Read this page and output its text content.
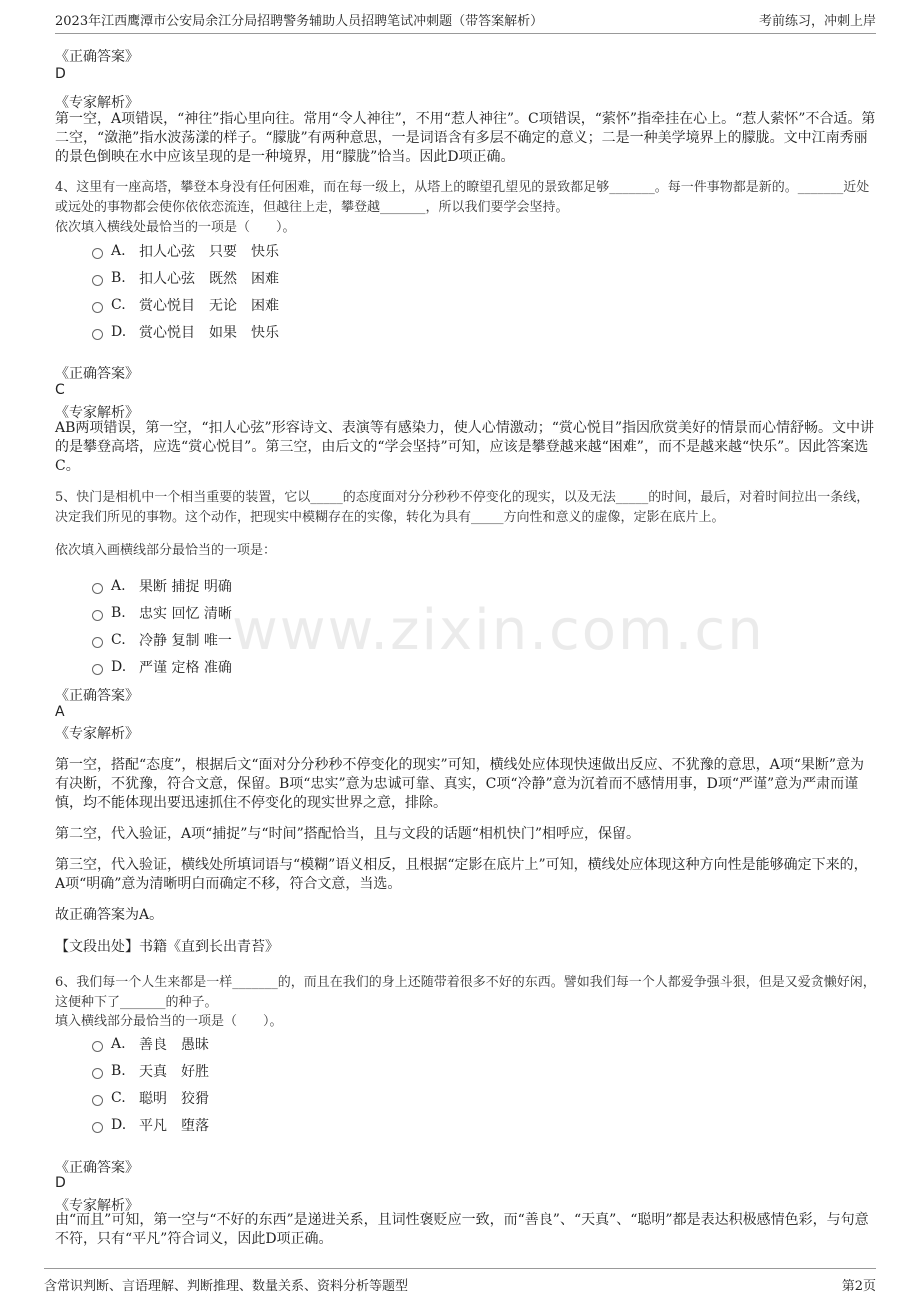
2023年江西鹰潭市公安局余江分局招聘警务辅助人员招聘笔试冲刺题（带答案解析）	考前练习，冲刺上岸
www.zixin.com.cn
《正确答案》
D
《专家解析》
第一空，A项错误，“神往”指心里向往。常用“令人神往”，不用“惹人神往”。C项错误，“萦怀”指牵挂在心上。“惹人萦怀”不合适。第二空，“潋滟”指水波荡漾的样子。“朦胧”有两种意思，一是词语含有多层不确定的意义；二是一种美学境界上的朦胧。文中江南秀丽的景色倒映在水中应该呈现的是一种境界，用“朦胧”恰当。因此D项正确。
4、这里有一座高塔，攀登本身没有任何困难，而在每一级上，从塔上的瞭望孔望见的景致都足够_______。每一件事物都是新的。_______近处或远处的事物都会使你依依恋流连，但越往上走，攀登越_______，所以我们要学会坚持。
依次填入横线处最恰当的一项是（　　）。
A. 扣人心弦　只要　快乐
B. 扣人心弦　既然　困难
C. 赏心悦目　无论　困难
D. 赏心悦目　如果　快乐
《正确答案》
C
《专家解析》
AB两项错误，第一空，“扣人心弦”形容诗文、表演等有感染力，使人心情激动；“赏心悦目”指因欣赏美好的情景而心情舒畅。文中讲的是攀登高塔，应选“赏心悦目”。第三空，由后文的“学会坚持”可知，应该是攀登越来越“困难”，而不是越来越“快乐”。因此答案选C。
5、快门是相机中一个相当重要的装置，它以_____的态度面对分分秒秒不停变化的现实，以及无法_____的时间，最后，对着时间拉出一条线，决定我们所见的事物。这个动作，把现实中模糊存在的实像，转化为具有_____方向性和意义的虚像，定影在底片上。
依次填入画横线部分最恰当的一项是：
A. 果断 捕捉 明确
B. 忠实 回忆 清晰
C. 冷静 复制 唯一
D. 严谨 定格 准确
《正确答案》
A
《专家解析》
第一空，搭配“态度”，根据后文“面对分分秒秒不停变化的现实”可知，横线处应体现快速做出反应、不犹豫的意思，A项“果断”意为有决断，不犹豫，符合文意，保留。B项“忠实”意为忠诚可靠、真实，C项“冷静”意为沉着而不感情用事，D项“严谨”意为严肃而谨慎，均不能体现出要迅速抓住不停变化的现实世界之意，排除。
第二空，代入验证，A项“捕捉”与“时间”搭配恰当，且与文段的话题“相机快门”相呼应，保留。
第三空，代入验证，横线处所填词语与“模糊”语义相反，且根据“定影在底片上”可知，横线处应体现这种方向性是能够确定下来的，A项“明确”意为清晰明白而确定不移，符合文意，当选。
故正确答案为A。
【文段出处】书籍《直到长出青苔》
6、我们每一个人生来都是一样_______的，而且在我们的身上还随带着很多不好的东西。譬如我们每一个人都爱争强斗狠，但是又爱贪懒好闲，这便种下了_______的种子。
填入横线部分最恰当的一项是（　　）。
A. 善良　愚昧
B. 天真　好胜
C. 聪明　狡猾
D. 平凡　堕落
《正确答案》
D
《专家解析》
由“而且”可知，第一空与“不好的东西”是递进关系，且词性褒贬应一致，而“善良”、“天真”、“聪明”都是表达积极感情色彩，与句意不符，只有“平凡”符合词义，因此D项正确。
含常识判断、言语理解、判断推理、数量关系、资料分析等题型	第2页
